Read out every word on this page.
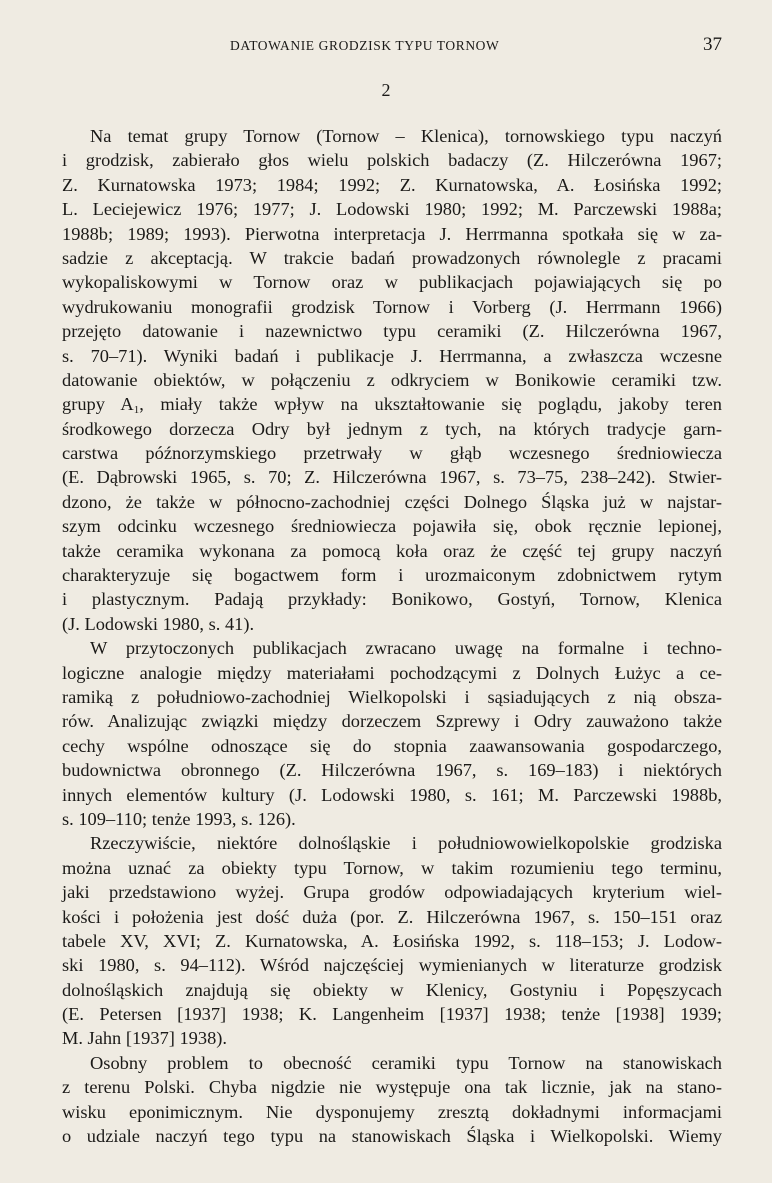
DATOWANIE GRODZISK TYPU TORNOW	37
2
Na temat grupy Tornow (Tornow – Klenica), tornowskiego typu naczyń
i grodzisk, zabierało głos wielu polskich badaczy (Z. Hilczerówna 1967;
Z. Kurnatowska 1973; 1984; 1992; Z. Kurnatowska, A. Łosińska 1992;
L. Leciejewicz 1976; 1977; J. Lodowski 1980; 1992; M. Parczewski 1988a;
1988b; 1989; 1993). Pierwotna interpretacja J. Herrmanna spotkała się w za-
sadzie z akceptacją. W trakcie badań prowadzonych równolegle z pracami
wykopaliskowymi w Tornow oraz w publikacjach pojawiających się po
wydrukowaniu monografii grodzisk Tornow i Vorberg (J. Herrmann 1966)
przejęto datowanie i nazewnictwo typu ceramiki (Z. Hilczerówna 1967,
s. 70–71). Wyniki badań i publikacje J. Herrmanna, a zwłaszcza wczesne
datowanie obiektów, w połączeniu z odkryciem w Bonikowie ceramiki tzw.
grupy $A_1$, miały także wpływ na ukształtowanie się poglądu, jakoby teren
środkowego dorzecza Odry był jednym z tych, na których tradycje garn-
carstwa późnorzymskiego przetrwały w głąb wczesnego średniowiecza
(E. Dąbrowski 1965, s. 70; Z. Hilczerówna 1967, s. 73–75, 238–242). Stwier-
dzono, że także w północno-zachodniej części Dolnego Śląska już w najstar-
szym odcinku wczesnego średniowiecza pojawiła się, obok ręcznie lepionej,
także ceramika wykonana za pomocą koła oraz że część tej grupy naczyń
charakteryzuje się bogactwem form i urozmaiconym zdobnictwem rytym
i plastycznym. Padają przykłady: Bonikowo, Gostyń, Tornow, Klenica
(J. Lodowski 1980, s. 41).
W przytoczonych publikacjach zwracano uwagę na formalne i techno-
logiczne analogie między materiałami pochodzącymi z Dolnych Łużyc a ce-
ramiką z południowo-zachodniej Wielkopolski i sąsiadujących z nią obsza-
rów. Analizując związki między dorzeczem Szprewy i Odry zauważono także
cechy wspólne odnoszące się do stopnia zaawansowania gospodarczego,
budownictwa obronnego (Z. Hilczerówna 1967, s. 169–183) i niektórych
innych elementów kultury (J. Lodowski 1980, s. 161; M. Parczewski 1988b,
s. 109–110; tenże 1993, s. 126).
Rzeczywiście, niektóre dolnośląskie i południowowielkopolskie grodziska
można uznać za obiekty typu Tornow, w takim rozumieniu tego terminu,
jaki przedstawiono wyżej. Grupa grodów odpowiadających kryterium wiel-
kości i położenia jest dość duża (por. Z. Hilczerówna 1967, s. 150–151 oraz
tabele XV, XVI; Z. Kurnatowska, A. Łosińska 1992, s. 118–153; J. Lodow-
ski 1980, s. 94–112). Wśród najczęściej wymienianych w literaturze grodzisk
dolnośląskich znajdują się obiekty w Klenicy, Gostyniu i Popęszycach
(E. Petersen [1937] 1938; K. Langenheim [1937] 1938; tenże [1938] 1939;
M. Jahn [1937] 1938).
Osobny problem to obecność ceramiki typu Tornow na stanowiskach
z terenu Polski. Chyba nigdzie nie występuje ona tak licznie, jak na stano-
wisku eponimicznym. Nie dysponujemy zresztą dokładnymi informacjami
o udziale naczyń tego typu na stanowiskach Śląska i Wielkopolski. Wiemy
